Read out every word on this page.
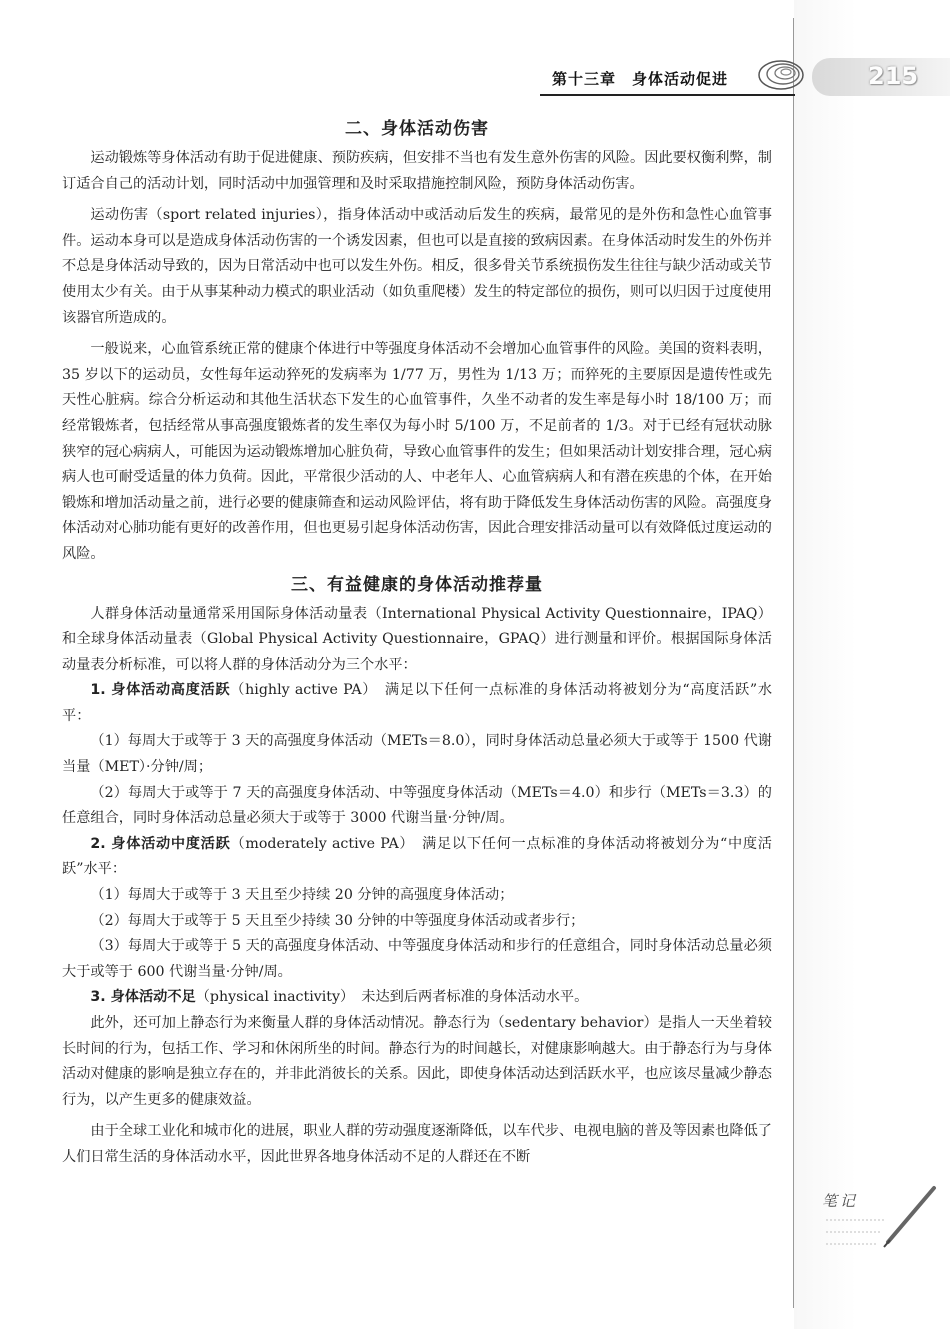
第十三章　身体活动促进	215
二、身体活动伤害

运动锻炼等身体活动有助于促进健康、预防疾病，但安排不当也有发生意外伤害的风险。因此要权衡利弊，制订适合自己的活动计划，同时活动中加强管理和及时采取措施控制风险，预防身体活动伤害。

运动伤害（sport related injuries），指身体活动中或活动后发生的疾病，最常见的是外伤和急性心血管事件。运动本身可以是造成身体活动伤害的一个诱发因素，但也可以是直接的致病因素。在身体活动时发生的外伤并不总是身体活动导致的，因为日常活动中也可以发生外伤。相反，很多骨关节系统损伤发生往往与缺少活动或关节使用太少有关。由于从事某种动力模式的职业活动（如负重爬楼）发生的特定部位的损伤，则可以归因于过度使用该器官所造成的。

一般说来，心血管系统正常的健康个体进行中等强度身体活动不会增加心血管事件的风险。美国的资料表明，35 岁以下的运动员，女性每年运动猝死的发病率为 1/77 万，男性为 1/13 万；而猝死的主要原因是遗传性或先天性心脏病。综合分析运动和其他生活状态下发生的心血管事件，久坐不动者的发生率是每小时 18/100 万；而经常锻炼者，包括经常从事高强度锻炼者的发生率仅为每小时 5/100 万，不足前者的 1/3。对于已经有冠状动脉狭窄的冠心病病人，可能因为运动锻炼增加心脏负荷，导致心血管事件的发生；但如果活动计划安排合理，冠心病病人也可耐受适量的体力负荷。因此，平常很少活动的人、中老年人、心血管病病人和有潜在疾患的个体，在开始锻炼和增加活动量之前，进行必要的健康筛查和运动风险评估，将有助于降低发生身体活动伤害的风险。高强度身体活动对心肺功能有更好的改善作用，但也更易引起身体活动伤害，因此合理安排活动量可以有效降低过度运动的风险。

三、有益健康的身体活动推荐量

人群身体活动量通常采用国际身体活动量表（International Physical Activity Questionnaire，IPAQ）和全球身体活动量表（Global Physical Activity Questionnaire，GPAQ）进行测量和评价。根据国际身体活动量表分析标准，可以将人群的身体活动分为三个水平：

1. 身体活动高度活跃（highly active PA）　满足以下任何一点标准的身体活动将被划分为“高度活跃”水平：

（1）每周大于或等于 3 天的高强度身体活动（METs＝8.0），同时身体活动总量必须大于或等于 1500 代谢当量（MET）·分钟/周；

（2）每周大于或等于 7 天的高强度身体活动、中等强度身体活动（METs＝4.0）和步行（METs＝3.3）的任意组合，同时身体活动总量必须大于或等于 3000 代谢当量·分钟/周。

2. 身体活动中度活跃（moderately active PA）　满足以下任何一点标准的身体活动将被划分为“中度活跃”水平：

（1）每周大于或等于 3 天且至少持续 20 分钟的高强度身体活动；

（2）每周大于或等于 5 天且至少持续 30 分钟的中等强度身体活动或者步行；

（3）每周大于或等于 5 天的高强度身体活动、中等强度身体活动和步行的任意组合，同时身体活动总量必须大于或等于 600 代谢当量·分钟/周。

3. 身体活动不足（physical inactivity）　未达到后两者标准的身体活动水平。

此外，还可加上静态行为来衡量人群的身体活动情况。静态行为（sedentary behavior）是指人一天坐着较长时间的行为，包括工作、学习和休闲所坐的时间。静态行为的时间越长，对健康影响越大。由于静态行为与身体活动对健康的影响是独立存在的，并非此消彼长的关系。因此，即使身体活动达到活跃水平，也应该尽量减少静态行为，以产生更多的健康效益。

由于全球工业化和城市化的进展，职业人群的劳动强度逐渐降低，以车代步、电视电脑的普及等因素也降低了人们日常生活的身体活动水平，因此世界各地身体活动不足的人群还在不断

笔记
